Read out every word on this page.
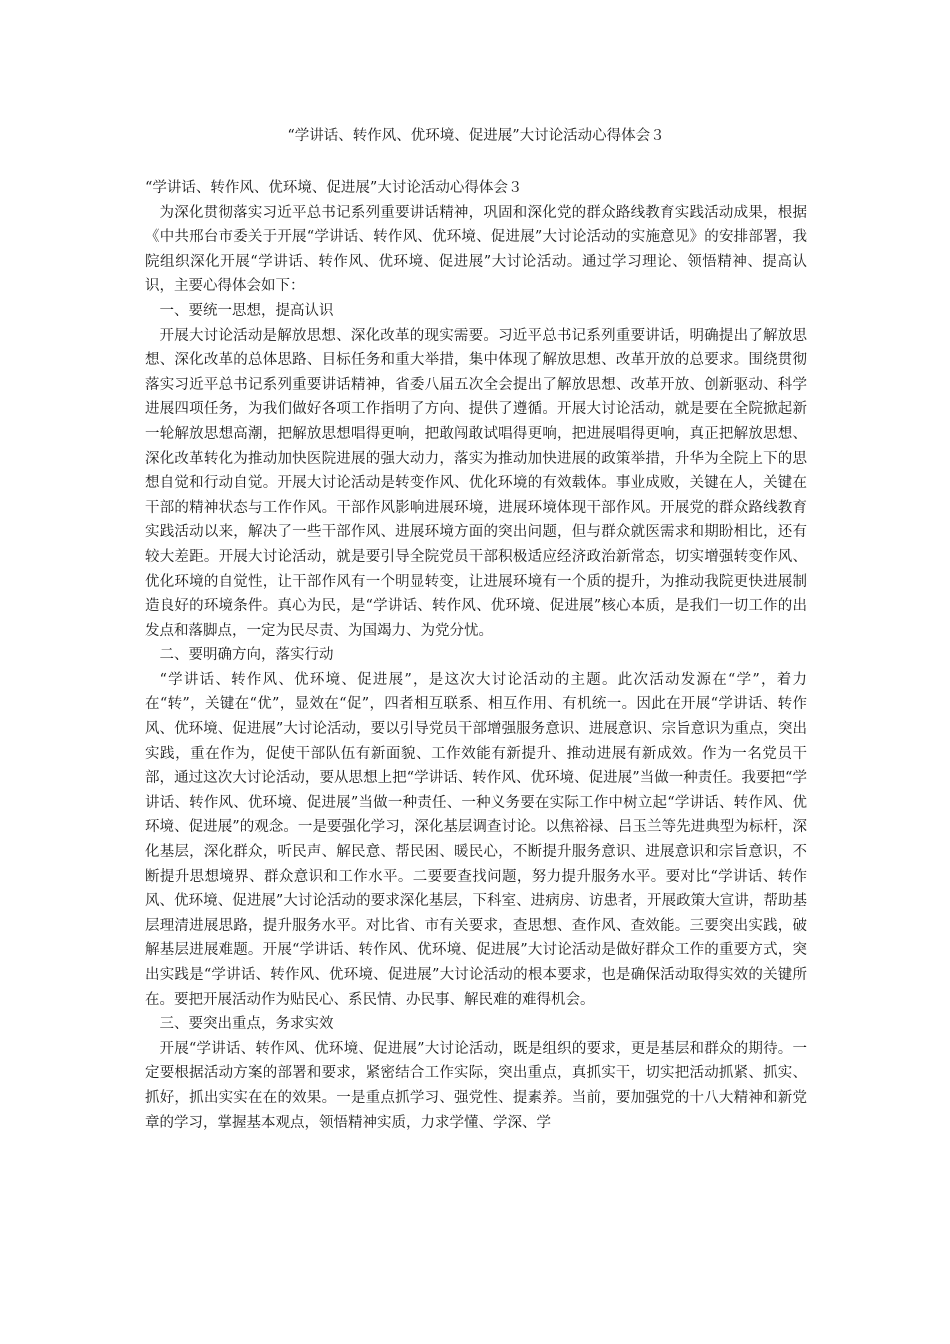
“学讲话、转作风、优环境、促进展”大讨论活动心得体会３

“学讲话、转作风、优环境、促进展”大讨论活动心得体会３

为深化贯彻落实习近平总书记系列重要讲话精神，巩固和深化党的群众路线教育实践活动成果，根据《中共邢台市委关于开展“学讲话、转作风、优环境、促进展”大讨论活动的实施意见》的安排部署，我院组织深化开展“学讲话、转作风、优环境、促进展”大讨论活动。通过学习理论、领悟精神、提高认识，主要心得体会如下：

一、要统一思想，提高认识

开展大讨论活动是解放思想、深化改革的现实需要。习近平总书记系列重要讲话，明确提出了解放思想、深化改革的总体思路、目标任务和重大举措，集中体现了解放思想、改革开放的总要求。围绕贯彻落实习近平总书记系列重要讲话精神，省委八届五次全会提出了解放思想、改革开放、创新驱动、科学进展四项任务，为我们做好各项工作指明了方向、提供了遵循。开展大讨论活动，就是要在全院掀起新一轮解放思想高潮，把解放思想唱得更响，把敢闯敢试唱得更响，把进展唱得更响，真正把解放思想、深化改革转化为推动加快医院进展的强大动力，落实为推动加快进展的政策举措，升华为全院上下的思想自觉和行动自觉。开展大讨论活动是转变作风、优化环境的有效载体。事业成败，关键在人，关键在干部的精神状态与工作作风。干部作风影响进展环境，进展环境体现干部作风。开展党的群众路线教育实践活动以来，解决了一些干部作风、进展环境方面的突出问题，但与群众就医需求和期盼相比，还有较大差距。开展大讨论活动，就是要引导全院党员干部积极适应经济政治新常态，切实增强转变作风、优化环境的自觉性，让干部作风有一个明显转变，让进展环境有一个质的提升，为推动我院更快进展制造良好的环境条件。真心为民，是“学讲话、转作风、优环境、促进展”核心本质，是我们一切工作的出发点和落脚点，一定为民尽责、为国竭力、为党分忧。

二、要明确方向，落实行动

“学讲话、转作风、优环境、促进展”，是这次大讨论活动的主题。此次活动发源在“学”，着力在“转”，关键在“优”，显效在“促”，四者相互联系、相互作用、有机统一。因此在开展“学讲话、转作风、优环境、促进展”大讨论活动，要以引导党员干部增强服务意识、进展意识、宗旨意识为重点，突出实践，重在作为，促使干部队伍有新面貌、工作效能有新提升、推动进展有新成效。作为一名党员干部，通过这次大讨论活动，要从思想上把“学讲话、转作风、优环境、促进展”当做一种责任。我要把“学讲话、转作风、优环境、促进展”当做一种责任、一种义务要在实际工作中树立起“学讲话、转作风、优环境、促进展”的观念。一是要强化学习，深化基层调查讨论。以焦裕禄、吕玉兰等先进典型为标杆，深化基层，深化群众，听民声、解民意、帮民困、暖民心，不断提升服务意识、进展意识和宗旨意识，不断提升思想境界、群众意识和工作水平。二要要查找问题，努力提升服务水平。要对比“学讲话、转作风、优环境、促进展”大讨论活动的要求深化基层，下科室、进病房、访患者，开展政策大宣讲，帮助基层理清进展思路，提升服务水平。对比省、市有关要求，查思想、查作风、查效能。三要突出实践，破解基层进展难题。开展“学讲话、转作风、优环境、促进展”大讨论活动是做好群众工作的重要方式，突出实践是“学讲话、转作风、优环境、促进展”大讨论活动的根本要求，也是确保活动取得实效的关键所在。要把开展活动作为贴民心、系民情、办民事、解民难的难得机会。

三、要突出重点，务求实效

开展“学讲话、转作风、优环境、促进展”大讨论活动，既是组织的要求，更是基层和群众的期待。一定要根据活动方案的部署和要求，紧密结合工作实际，突出重点，真抓实干，切实把活动抓紧、抓实、抓好，抓出实实在在的效果。一是重点抓学习、强党性、提素养。当前，要加强党的十八大精神和新党章的学习，掌握基本观点，领悟精神实质，力求学懂、学深、学
